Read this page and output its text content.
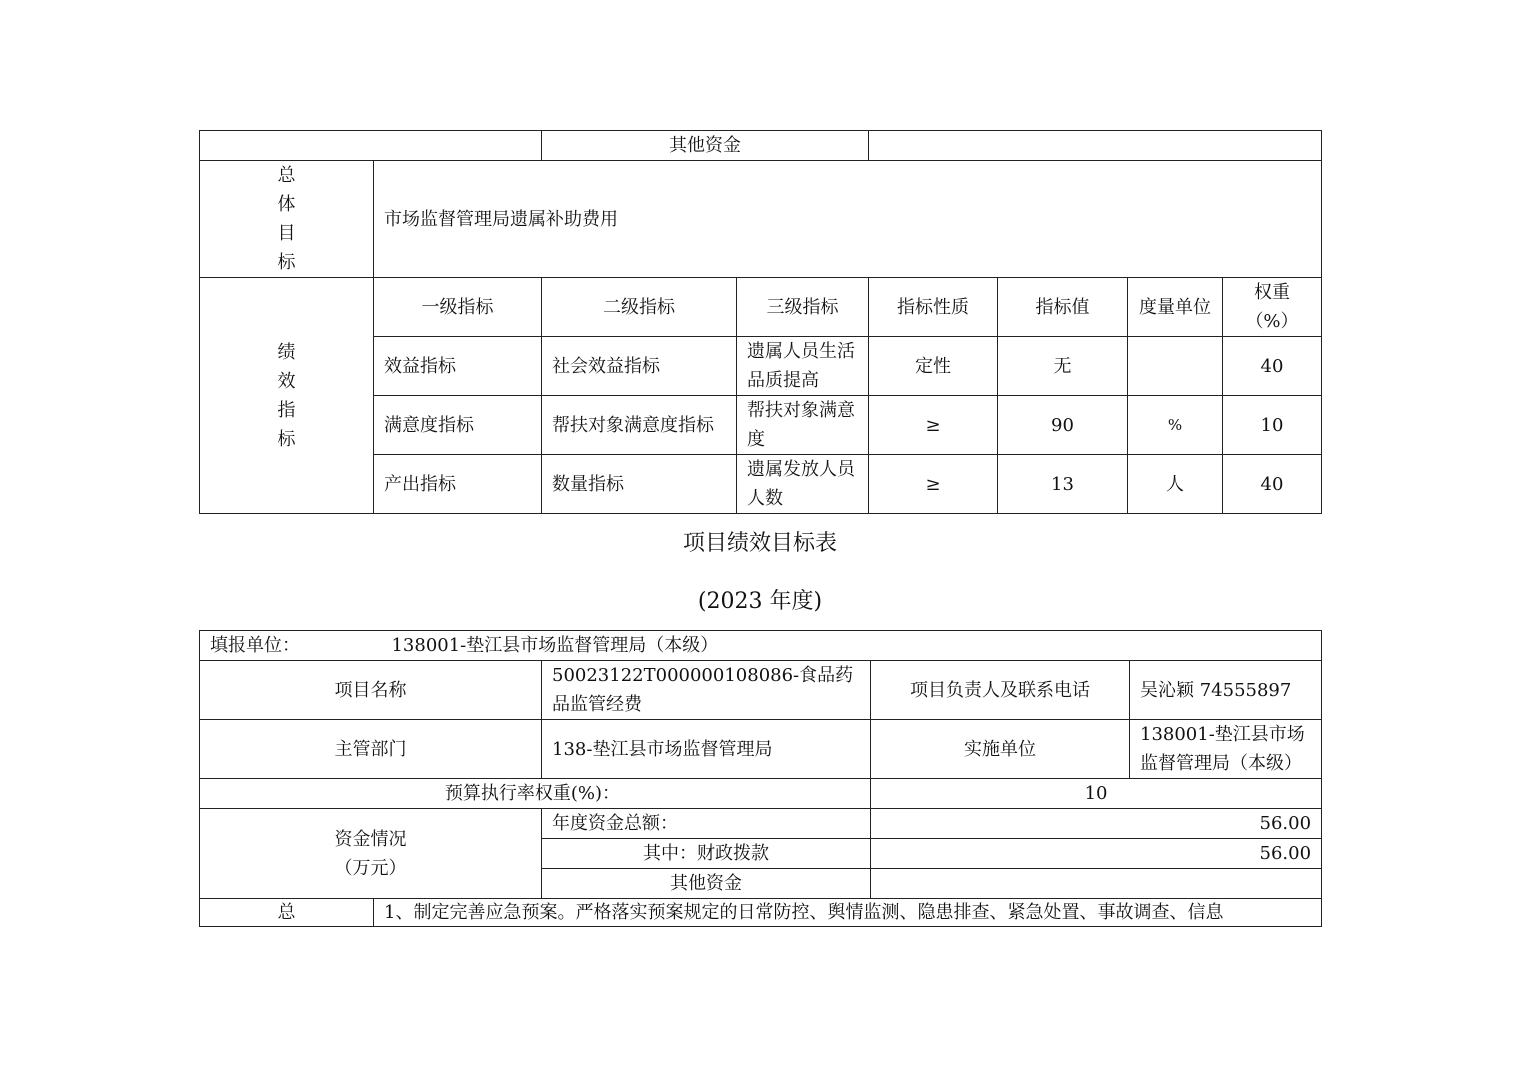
		其他资金					

总
体
目
标	市场监督管理局遗属补助费用						

绩
效
指
标	一级指标	二级指标	三级指标	指标性质	指标值	度量单位	权重（%）
	效益指标	社会效益指标	遗属人员生活品质提高	定性	无		40
	满意度指标	帮扶对象满意度指标	帮扶对象满意度	≥	90	%	10
	产出指标	数量指标	遗属发放人员人数	≥	13	人	40
项目绩效目标表
(2023 年度)
填报单位： 138001-垫江县市场监督管理局（本级）				
项目名称		50023122T000000108086-食品药品监管经费	项目负责人及联系电话	吴沁颖 74555897
主管部门		138-垫江县市场监督管理局	实施单位	138001-垫江县市场监督管理局（本级）
预算执行率权重(%)：			10	

资金情况
（万元）		年度资金总额：	56.00	
		其中：财政拨款	56.00	
		其他资金		
总	1、制定完善应急预案。严格落实预案规定的日常防控、舆情监测、隐患排查、紧急处置、事故调查、信息			
